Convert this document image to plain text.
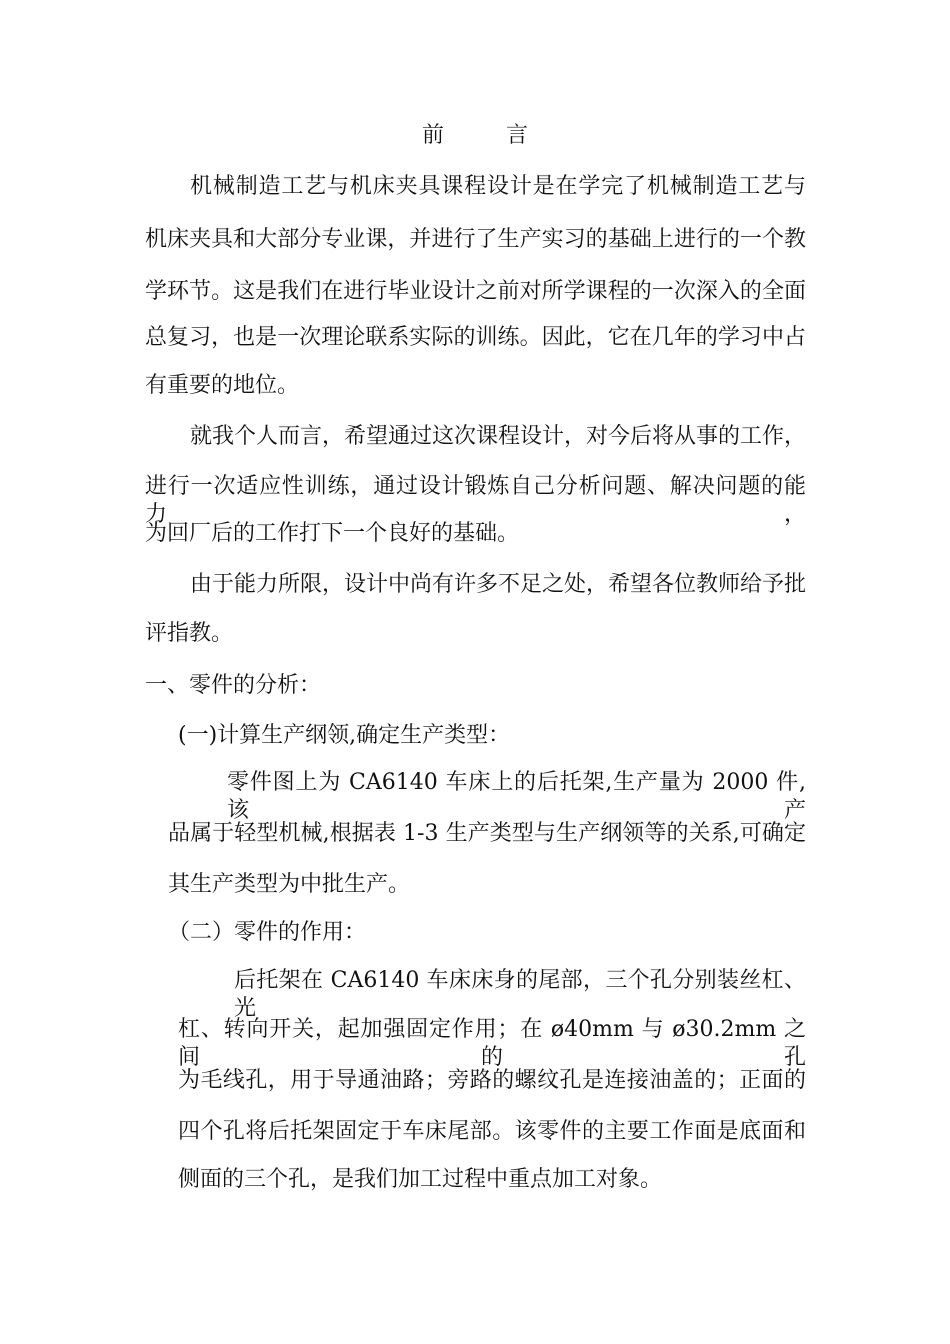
前	言
机械制造工艺与机床夹具课程设计是在学完了机械制造工艺与
机床夹具和大部分专业课，并进行了生产实习的基础上进行的一个教
学环节。这是我们在进行毕业设计之前对所学课程的一次深入的全面
总复习，也是一次理论联系实际的训练。因此，它在几年的学习中占
有重要的地位。
就我个人而言，希望通过这次课程设计，对今后将从事的工作，
进行一次适应性训练，通过设计锻炼自己分析问题、解决问题的能力，
为回厂后的工作打下一个良好的基础。
由于能力所限，设计中尚有许多不足之处，希望各位教师给予批
评指教。
一、零件的分析：
(一)计算生产纲领,确定生产类型：
零件图上为 CA6140 车床上的后托架,生产量为 2000 件,该产
品属于轻型机械,根据表 1-3 生产类型与生产纲领等的关系,可确定
其生产类型为中批生产。
（二）零件的作用：
后托架在 CA6140 车床床身的尾部，三个孔分别装丝杠、光
杠、转向开关，起加强固定作用；在 ø40mm 与 ø30.2mm 之间的孔
为毛线孔，用于导通油路；旁路的螺纹孔是连接油盖的；正面的
四个孔将后托架固定于车床尾部。该零件的主要工作面是底面和
侧面的三个孔，是我们加工过程中重点加工对象。
